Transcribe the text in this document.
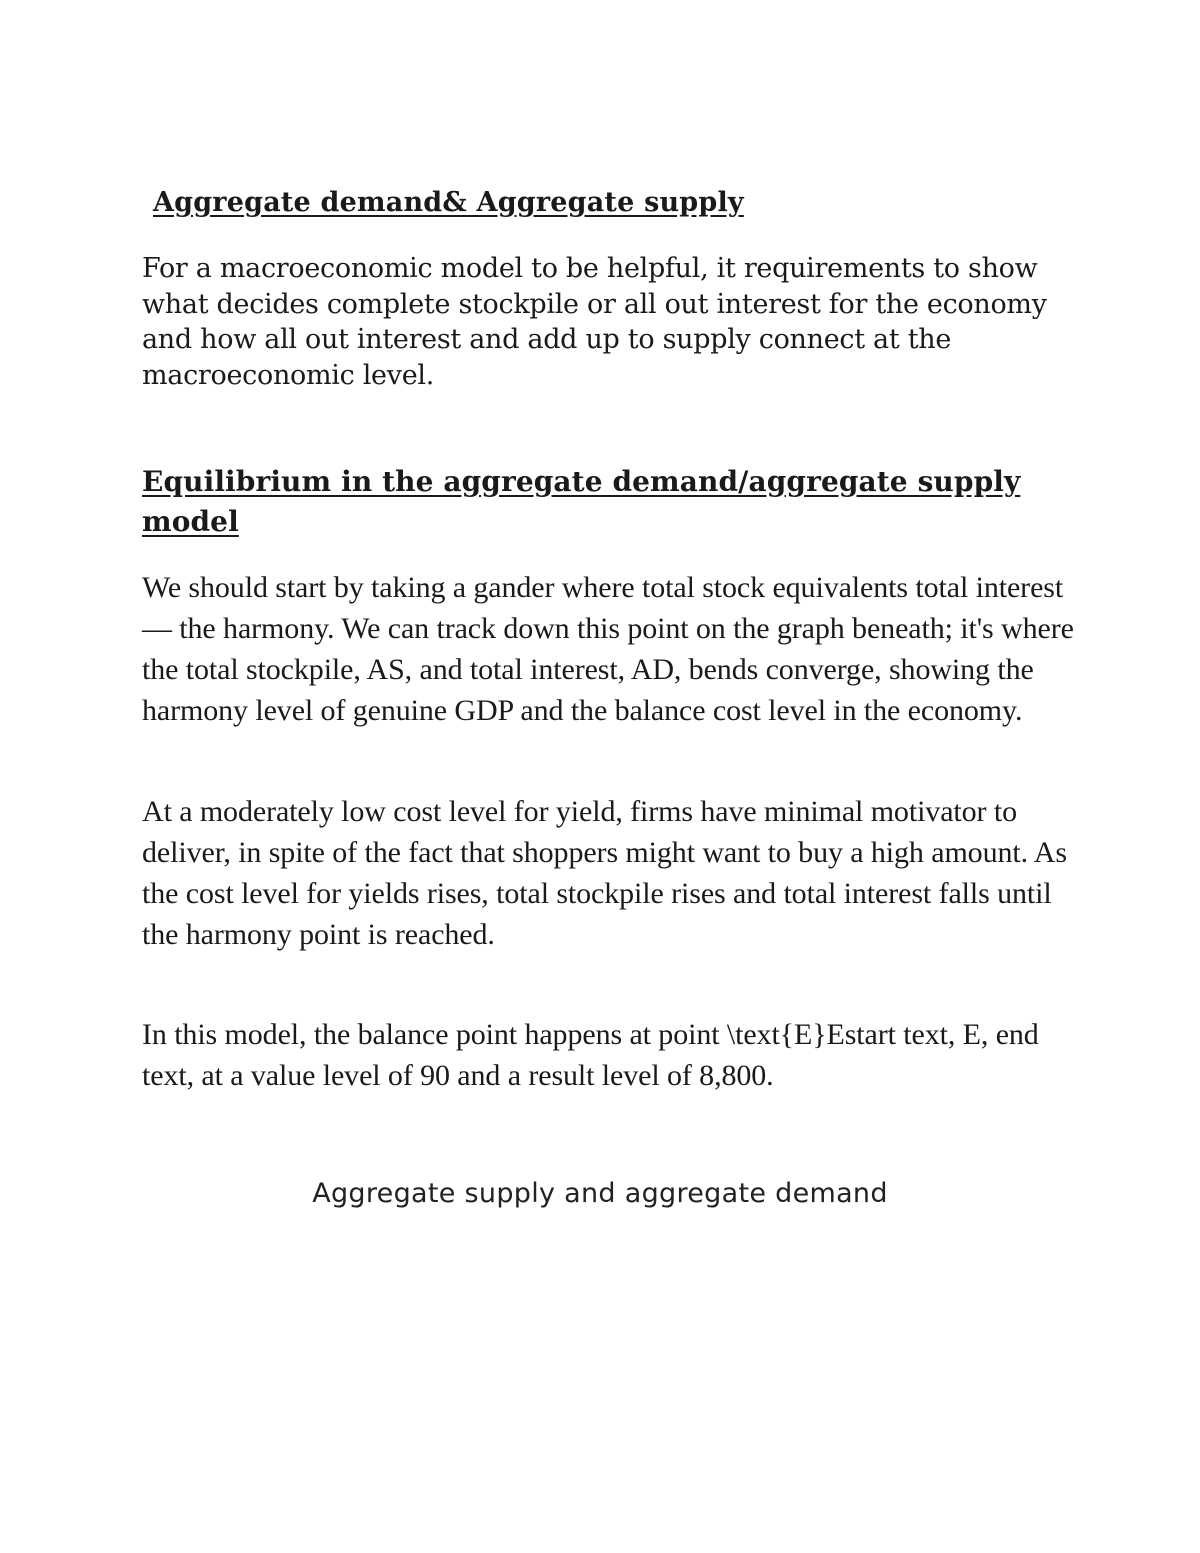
Aggregate demand& Aggregate supply

For a macroeconomic model to be helpful, it requirements to show what decides complete stockpile or all out interest for the economy and how all out interest and add up to supply connect at the macroeconomic level.

Equilibrium in the aggregate demand/aggregate supply model

We should start by taking a gander where total stock equivalents total interest — the harmony. We can track down this point on the graph beneath; it's where the total stockpile, AS, and total interest, AD, bends converge, showing the harmony level of genuine GDP and the balance cost level in the economy.

At a moderately low cost level for yield, firms have minimal motivator to deliver, in spite of the fact that shoppers might want to buy a high amount. As the cost level for yields rises, total stockpile rises and total interest falls until the harmony point is reached.

In this model, the balance point happens at point \text{E}Estart text, E, end text, at a value level of 90 and a result level of 8,800.

Aggregate supply and aggregate demand
